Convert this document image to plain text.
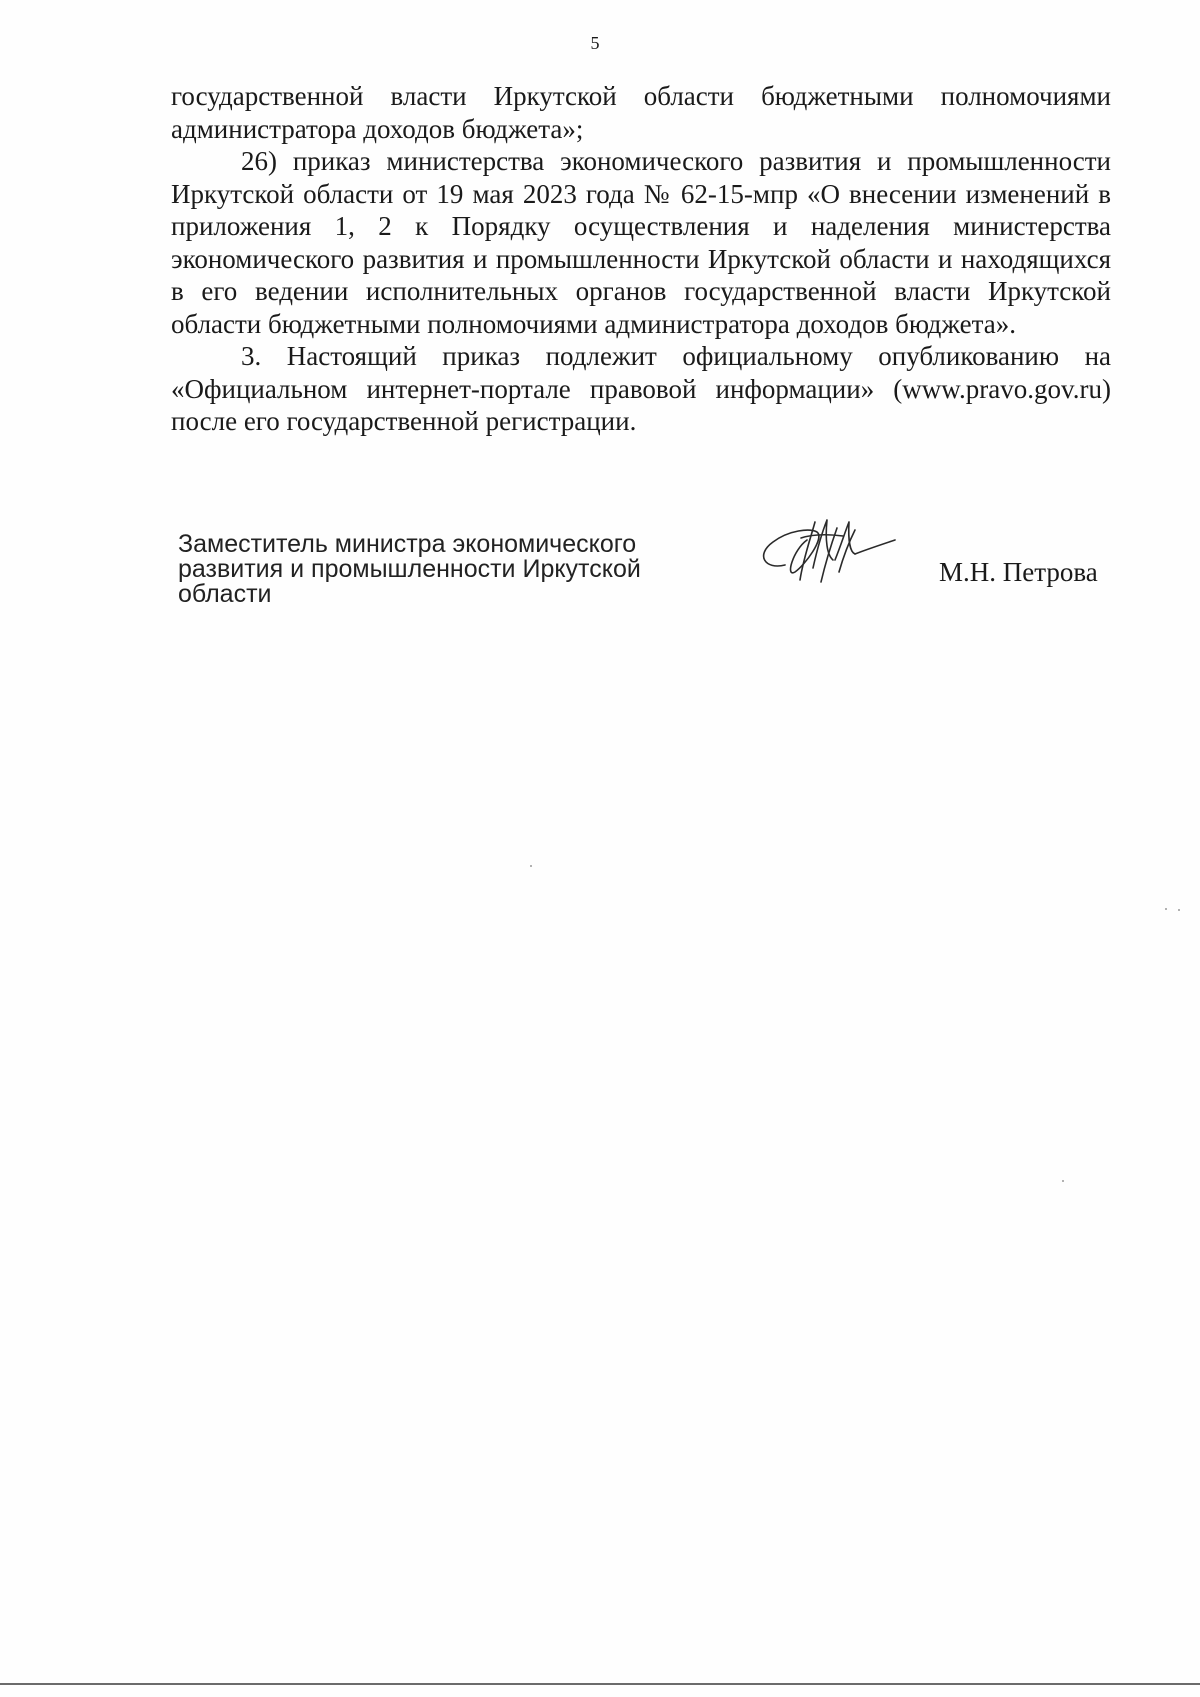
5

государственной власти Иркутской области бюджетными полномочиями администратора доходов бюджета»;

26) приказ министерства экономического развития и промышленности Иркутской области от 19 мая 2023 года № 62-15-мпр «О внесении изменений в приложения 1, 2 к Порядку осуществления и наделения министерства экономического развития и промышленности Иркутской области и находящихся в его ведении исполнительных органов государственной власти Иркутской области бюджетными полномочиями администратора доходов бюджета».

3. Настоящий приказ подлежит официальному опубликованию на «Официальном интернет-портале правовой информации» (www.pravo.gov.ru) после его государственной регистрации.

Заместитель министра экономического
развития и промышленности Иркутской
области
М.Н. Петрова
